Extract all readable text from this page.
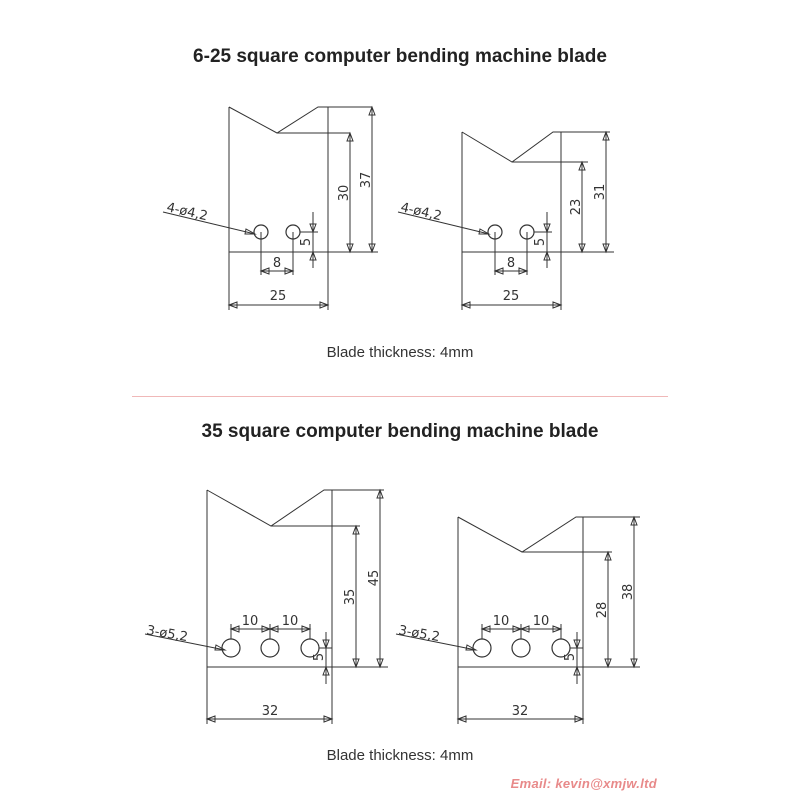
6-25 square computer bending machine blade
Blade thickness: 4mm
35 square computer bending machine blade
Blade thickness: 4mm
Email: kevin@xmjw.ltd
30
37
4-ø4,2
5
8
25
23
31
4-ø4,2
5
8
25
35
45
3-ø5,2
10 10
5
32
28
38
3-ø5,2
10 10
5
32
